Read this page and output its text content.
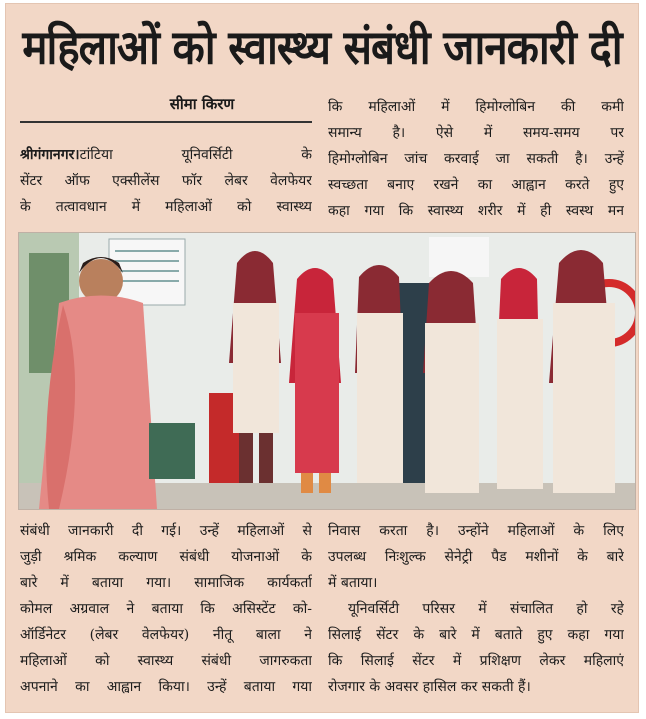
महिलाओं को स्वास्थ्य संबंधी जानकारी दी
सीमा किरण
श्रीगंगानगर।टांटिया यूनिवर्सिटी के
सेंटर ऑफ एक्सीलेंस फॉर लेबर वेलफेयर
के तत्वावधान में महिलाओं को स्वास्थ्य
कि महिलाओं में हिमोग्लोबिन की कमी
समान्य है। ऐसे में समय-समय पर
हिमोग्लोबिन जांच करवाई जा सकती है। उन्हें
स्वच्छता बनाए रखने का आह्वान करते हुए
कहा गया कि स्वास्थ्य शरीर में ही स्वस्थ मन
संबंधी जानकारी दी गई। उन्हें महिलाओं से
जुड़ी श्रमिक कल्याण संबंधी योजनाओं के
बारे में बताया गया। सामाजिक कार्यकर्ता
कोमल अग्रवाल ने बताया कि असिस्टेंट को-
ऑर्डिनेटर (लेबर वेलफेयर) नीतू बाला ने
महिलाओं को स्वास्थ्य संबंधी जागरुकता
अपनाने का आह्वान किया। उन्हें बताया गया
निवास करता है। उन्होंने महिलाओं के लिए
उपलब्ध निःशुल्क सेनेट्री पैड मशीनों के बारे
में बताया।
यूनिवर्सिटी परिसर में संचालित हो रहे
सिलाई सेंटर के बारे में बताते हुए कहा गया
कि सिलाई सेंटर में प्रशिक्षण लेकर महिलाएं
रोजगार के अवसर हासिल कर सकती हैं।
